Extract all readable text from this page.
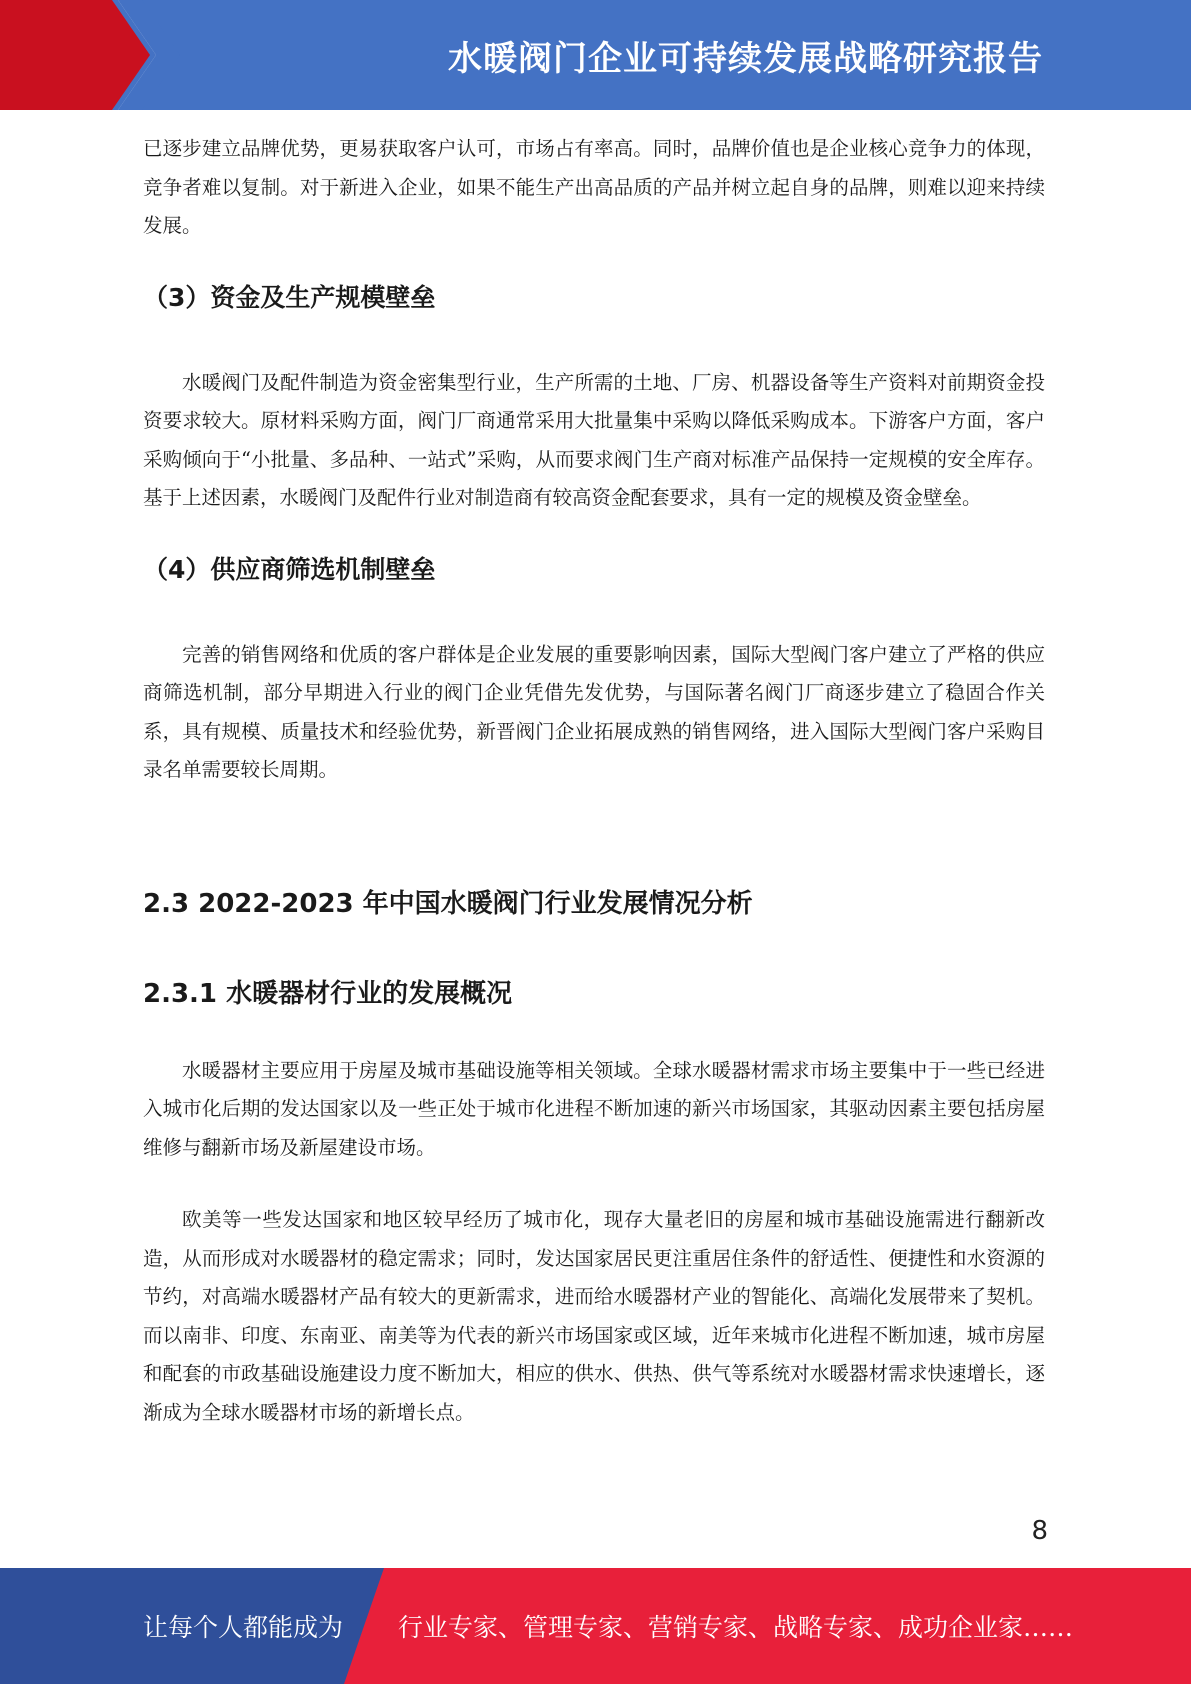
水暖阀门企业可持续发展战略研究报告

已逐步建立品牌优势，更易获取客户认可，市场占有率高。同时，品牌价值也是企业核心竞争力的体现，竞争者难以复制。对于新进入企业，如果不能生产出高品质的产品并树立起自身的品牌，则难以迎来持续发展。

（3）资金及生产规模壁垒

水暖阀门及配件制造为资金密集型行业，生产所需的土地、厂房、机器设备等生产资料对前期资金投资要求较大。原材料采购方面，阀门厂商通常采用大批量集中采购以降低采购成本。下游客户方面，客户采购倾向于“小批量、多品种、一站式”采购，从而要求阀门生产商对标准产品保持一定规模的安全库存。基于上述因素，水暖阀门及配件行业对制造商有较高资金配套要求，具有一定的规模及资金壁垒。

（4）供应商筛选机制壁垒

完善的销售网络和优质的客户群体是企业发展的重要影响因素，国际大型阀门客户建立了严格的供应商筛选机制，部分早期进入行业的阀门企业凭借先发优势，与国际著名阀门厂商逐步建立了稳固合作关系，具有规模、质量技术和经验优势，新晋阀门企业拓展成熟的销售网络，进入国际大型阀门客户采购目录名单需要较长周期。

2.3 2022-2023 年中国水暖阀门行业发展情况分析
2.3.1 水暖器材行业的发展概况

水暖器材主要应用于房屋及城市基础设施等相关领域。全球水暖器材需求市场主要集中于一些已经进入城市化后期的发达国家以及一些正处于城市化进程不断加速的新兴市场国家，其驱动因素主要包括房屋维修与翻新市场及新屋建设市场。

欧美等一些发达国家和地区较早经历了城市化，现存大量老旧的房屋和城市基础设施需进行翻新改造，从而形成对水暖器材的稳定需求；同时，发达国家居民更注重居住条件的舒适性、便捷性和水资源的节约，对高端水暖器材产品有较大的更新需求，进而给水暖器材产业的智能化、高端化发展带来了契机。而以南非、印度、东南亚、南美等为代表的新兴市场国家或区域，近年来城市化进程不断加速，城市房屋和配套的市政基础设施建设力度不断加大，相应的供水、供热、供气等系统对水暖器材需求快速增长，逐渐成为全球水暖器材市场的新增长点。

8
让每个人都能成为 行业专家、管理专家、营销专家、战略专家、成功企业家……
